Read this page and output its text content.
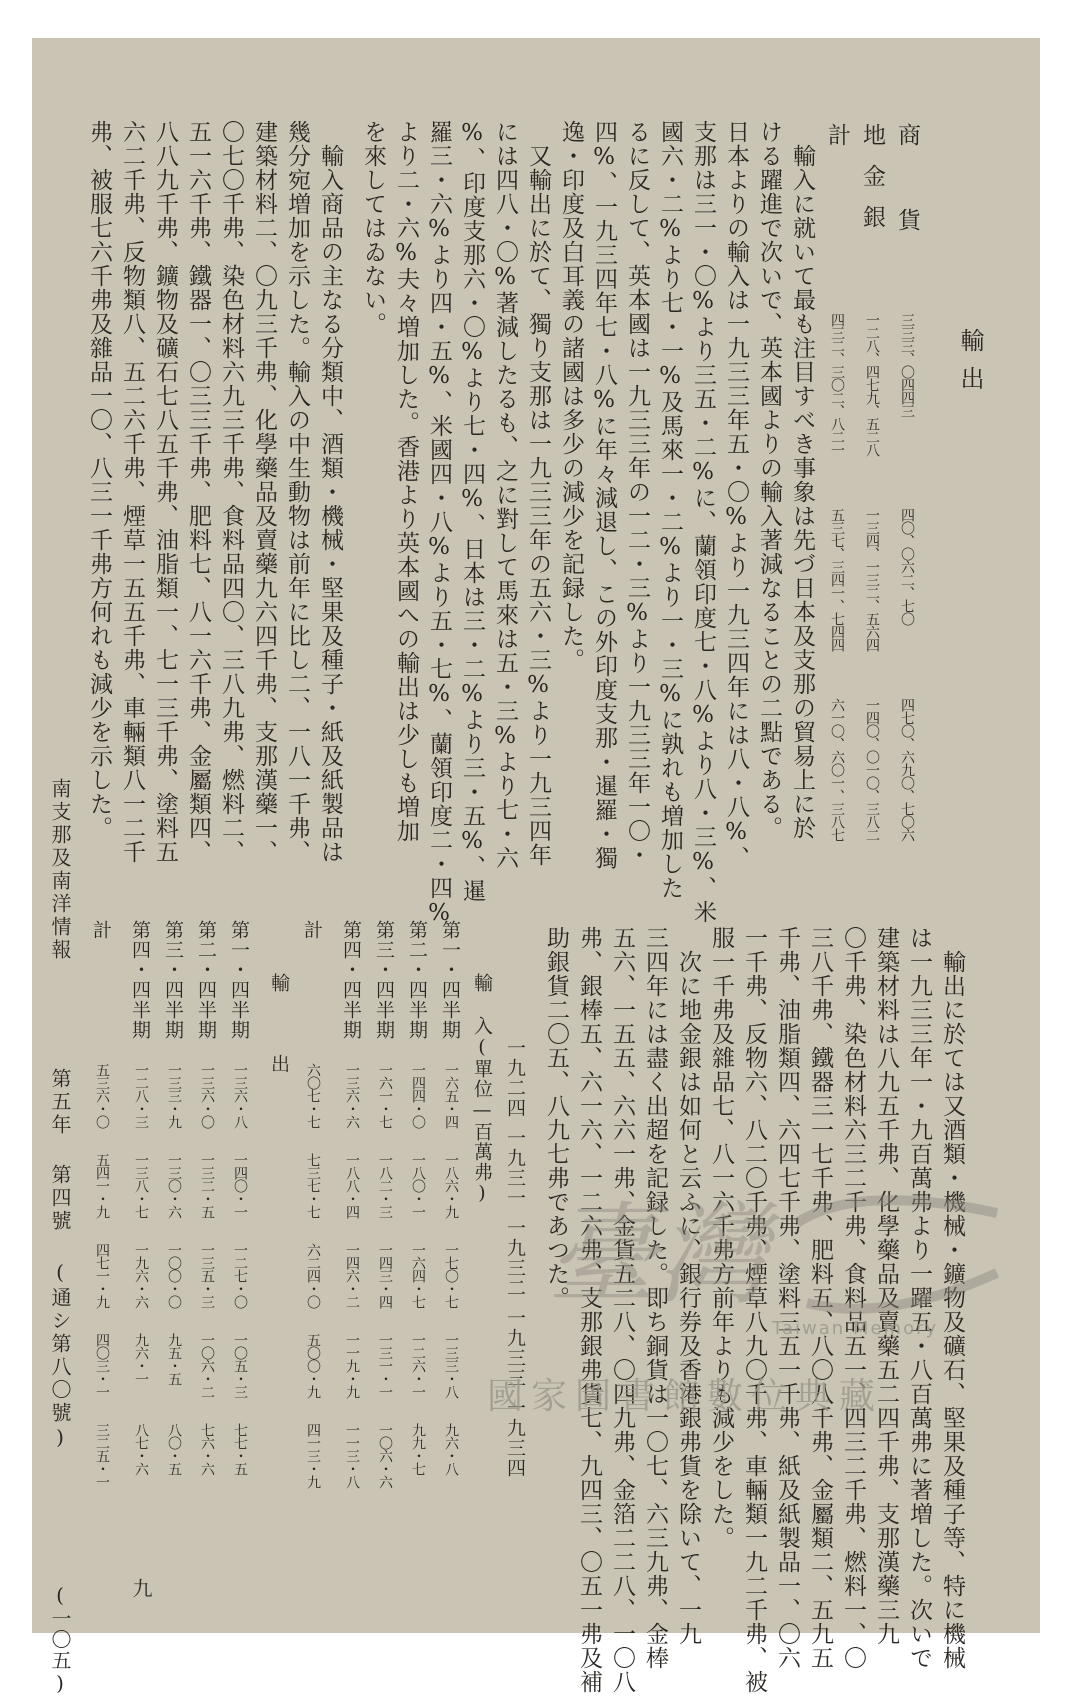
輸出
商 貨
三三三、〇四四三
四〇、〇六二、七〇
四七〇、六九〇、七〇六
地金銀
一二八、四七九、五二八
一三四、一三二、五六四
一四〇、〇一〇、三八二
計
四三二、三〇二、八二一
五三七、三四一、七四四
六一〇、六〇一、三八七
輸入に就いて最も注目すべき事象は先づ日本及支那の貿易上に於
ける躍進で次いで、英本國よりの輸入著減なることの二點である。
日本よりの輸入は一九三三年五・〇%より一九三四年には八・八%、
支那は三一・〇%より三五・二%に、蘭領印度七・八%より八・三%、米
國六・二%より七・一%及馬來一・二%より一・三%に孰れも増加した
るに反して、英本國は一九三三年の一二・三%より一九三三年一〇・
四%、一九三四年七・八%に年々減退し、この外印度支那・暹羅・獨
逸・印度及白耳義の諸國は多少の減少を記録した。
又輸出に於て、獨り支那は一九三三年の五六・三%より一九三四年
には四八・〇%著減したるも、之に對して馬來は五・三%より七・六
%、印度支那六・〇%より七・四%、日本は三・二%より三・五%、暹
羅三・六%より四・五%、米國四・八%より五・七%、蘭領印度二・四%
より二・六%夫々増加した。香港より英本國への輸出は少しも増加
を來してはゐない。
輸入商品の主なる分類中、酒類・機械・堅果及種子・紙及紙製品は
幾分宛増加を示した。輸入の中生動物は前年に比し二、一八一千弗、
建築材料二、〇九三千弗、化學藥品及賣藥九六四千弗、支那漢藥一、
〇七〇千弗、染色材料六九三千弗、食料品四〇、三八九弗、燃料二、
五一六千弗、鐵器一、〇三三千弗、肥料七、八一六千弗、金屬類四、
八八九千弗、鑛物及礦石七八五千弗、油脂類一、七一三千弗、塗料五
六二千弗、反物類八、五二六千弗、煙草一五五千弗、車輛類八一二千
弗、被服七六千弗及雜品一〇、八三一千弗方何れも減少を示した。
輸出に於ては又酒類・機械・鑛物及礦石、堅果及種子等、特に機械
は一九三三年一・九百萬弗より一躍五・八百萬弗に著増した。次いで
建築材料は八九五千弗、化學藥品及賣藥五二四千弗、支那漢藥三九
〇千弗、染色材料六三二千弗、食料品五一、四三二千弗、燃料一、〇
三八千弗、鐵器三一七千弗、肥料五、八〇八千弗、金屬類二、五九五
千弗、油脂類四、六四七千弗、塗料三五一千弗、紙及紙製品一、〇六
一千弗、反物六、八二〇千弗、煙草八九〇千弗、車輛類一九二千弗、被
服一千弗及雜品七、八一六千弗方前年よりも減少をした。
次に地金銀は如何と云ふに、銀行券及香港銀弗貨を除いて、一九
三四年には盡く出超を記録した。即ち銅貨は一〇七、六三九弗、金棒
五六、一五五、六六一弗、金貨五二八、〇四九弗、金箔二二八、一〇八
弗、銀棒五、六一六、一二六弗、支那銀弗貨七、九四三、〇五一弗及補
助銀貨二〇五、八九七弗であつた。
一九二四
一九三一
一九三二
一九三三
一九三四
輸 入(單位—百萬弗)
第一・四半期
一六五・四
一八六・九
一七〇・七
一三三・八
九六・八
第二・四半期
一四四・〇
一八〇・一
一六四・七
一二六・一
九九・七
第三・四半期
一六一・七
一八二・三
一四三・四
一三一・一
一〇六・六
第四・四半期
一三六・六
一八八・四
一四六・二
一一九・九
一一三・八
計
六〇七・七
七三七・七
六二四・〇
五〇〇・九
四一三・九
輸 出
第一・四半期
一三六・八
一四〇・一
一二七・〇
一〇五・三
七七・五
第二・四半期
一三六・〇
一三二・五
一三五・三
一〇六・二
七六・六
第三・四半期
一三三・九
一三〇・六
一〇〇・〇
九五・五
八〇・五
第四・四半期
一二八・三
一三八・七
一九六・六
九六・一
八七・六
計
五三六・〇
五四一・九
四七一・九
四〇三・一
三二五・一
南支那及南洋情報
第五年 第四號 (通シ第八〇號)
九
(一〇五)
國家圖書館數位典藏
Taiwan Memory
臺灣
